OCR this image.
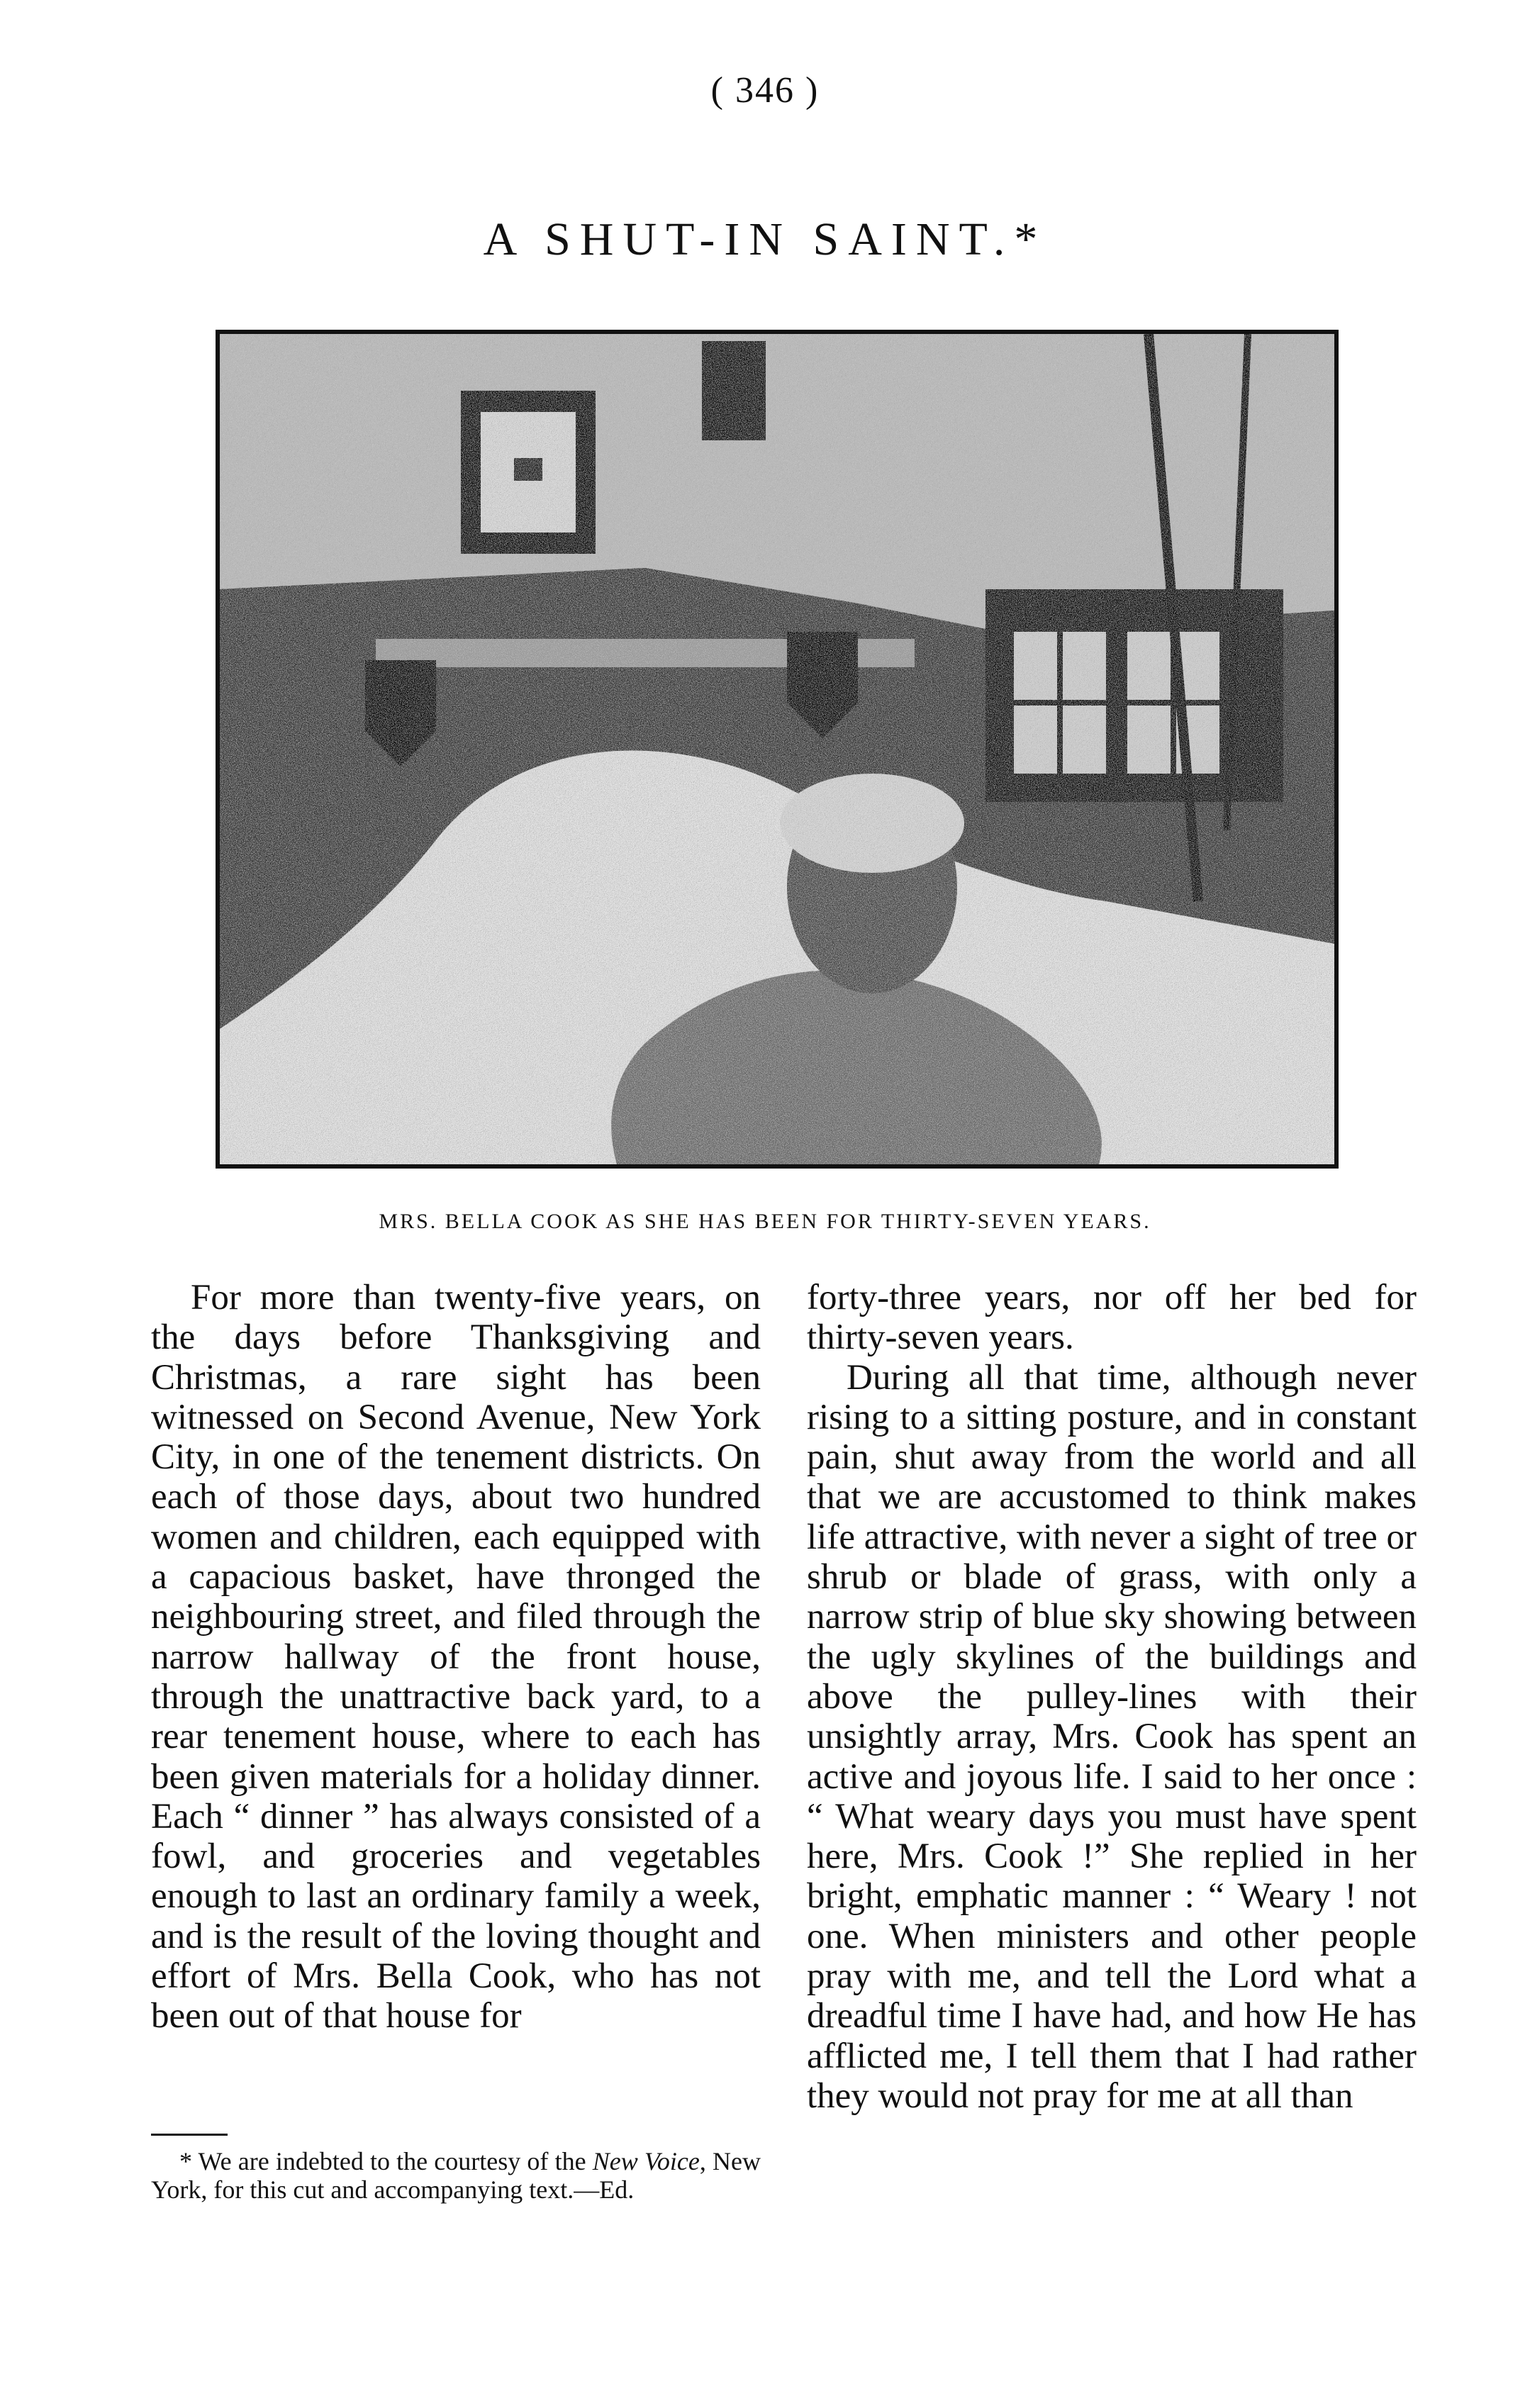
( 346 )
A SHUT-IN SAINT.*
MRS. BELLA COOK AS SHE HAS BEEN FOR THIRTY-SEVEN YEARS.

For more than twenty-five years, on the days before Thanksgiving and Christmas, a rare sight has been witnessed on Second Avenue, New York City, in one of the tenement districts. On each of those days, about two hundred women and children, each equipped with a capacious basket, have thronged the neighbouring street, and filed through the narrow hallway of the front house, through the unattractive back yard, to a rear tenement house, where to each has been given materials for a holiday dinner. Each “ dinner ” has always consisted of a fowl, and groceries and vegetables enough to last an ordinary family a week, and is the result of the loving thought and effort of Mrs. Bella Cook, who has not been out of that house for

forty-three years, nor off her bed for thirty-seven years.

During all that time, although never rising to a sitting posture, and in constant pain, shut away from the world and all that we are accustomed to think makes life attractive, with never a sight of tree or shrub or blade of grass, with only a narrow strip of blue sky showing between the ugly skylines of the buildings and above the pulley-lines with their unsightly array, Mrs. Cook has spent an active and joyous life. I said to her once : “ What weary days you must have spent here, Mrs. Cook !” She replied in her bright, emphatic manner : “ Weary ! not one. When ministers and other people pray with me, and tell the Lord what a dreadful time I have had, and how He has afflicted me, I tell them that I had rather they would not pray for me at all than

* We are indebted to the courtesy of the New Voice, New York, for this cut and accompanying text.—Ed.
